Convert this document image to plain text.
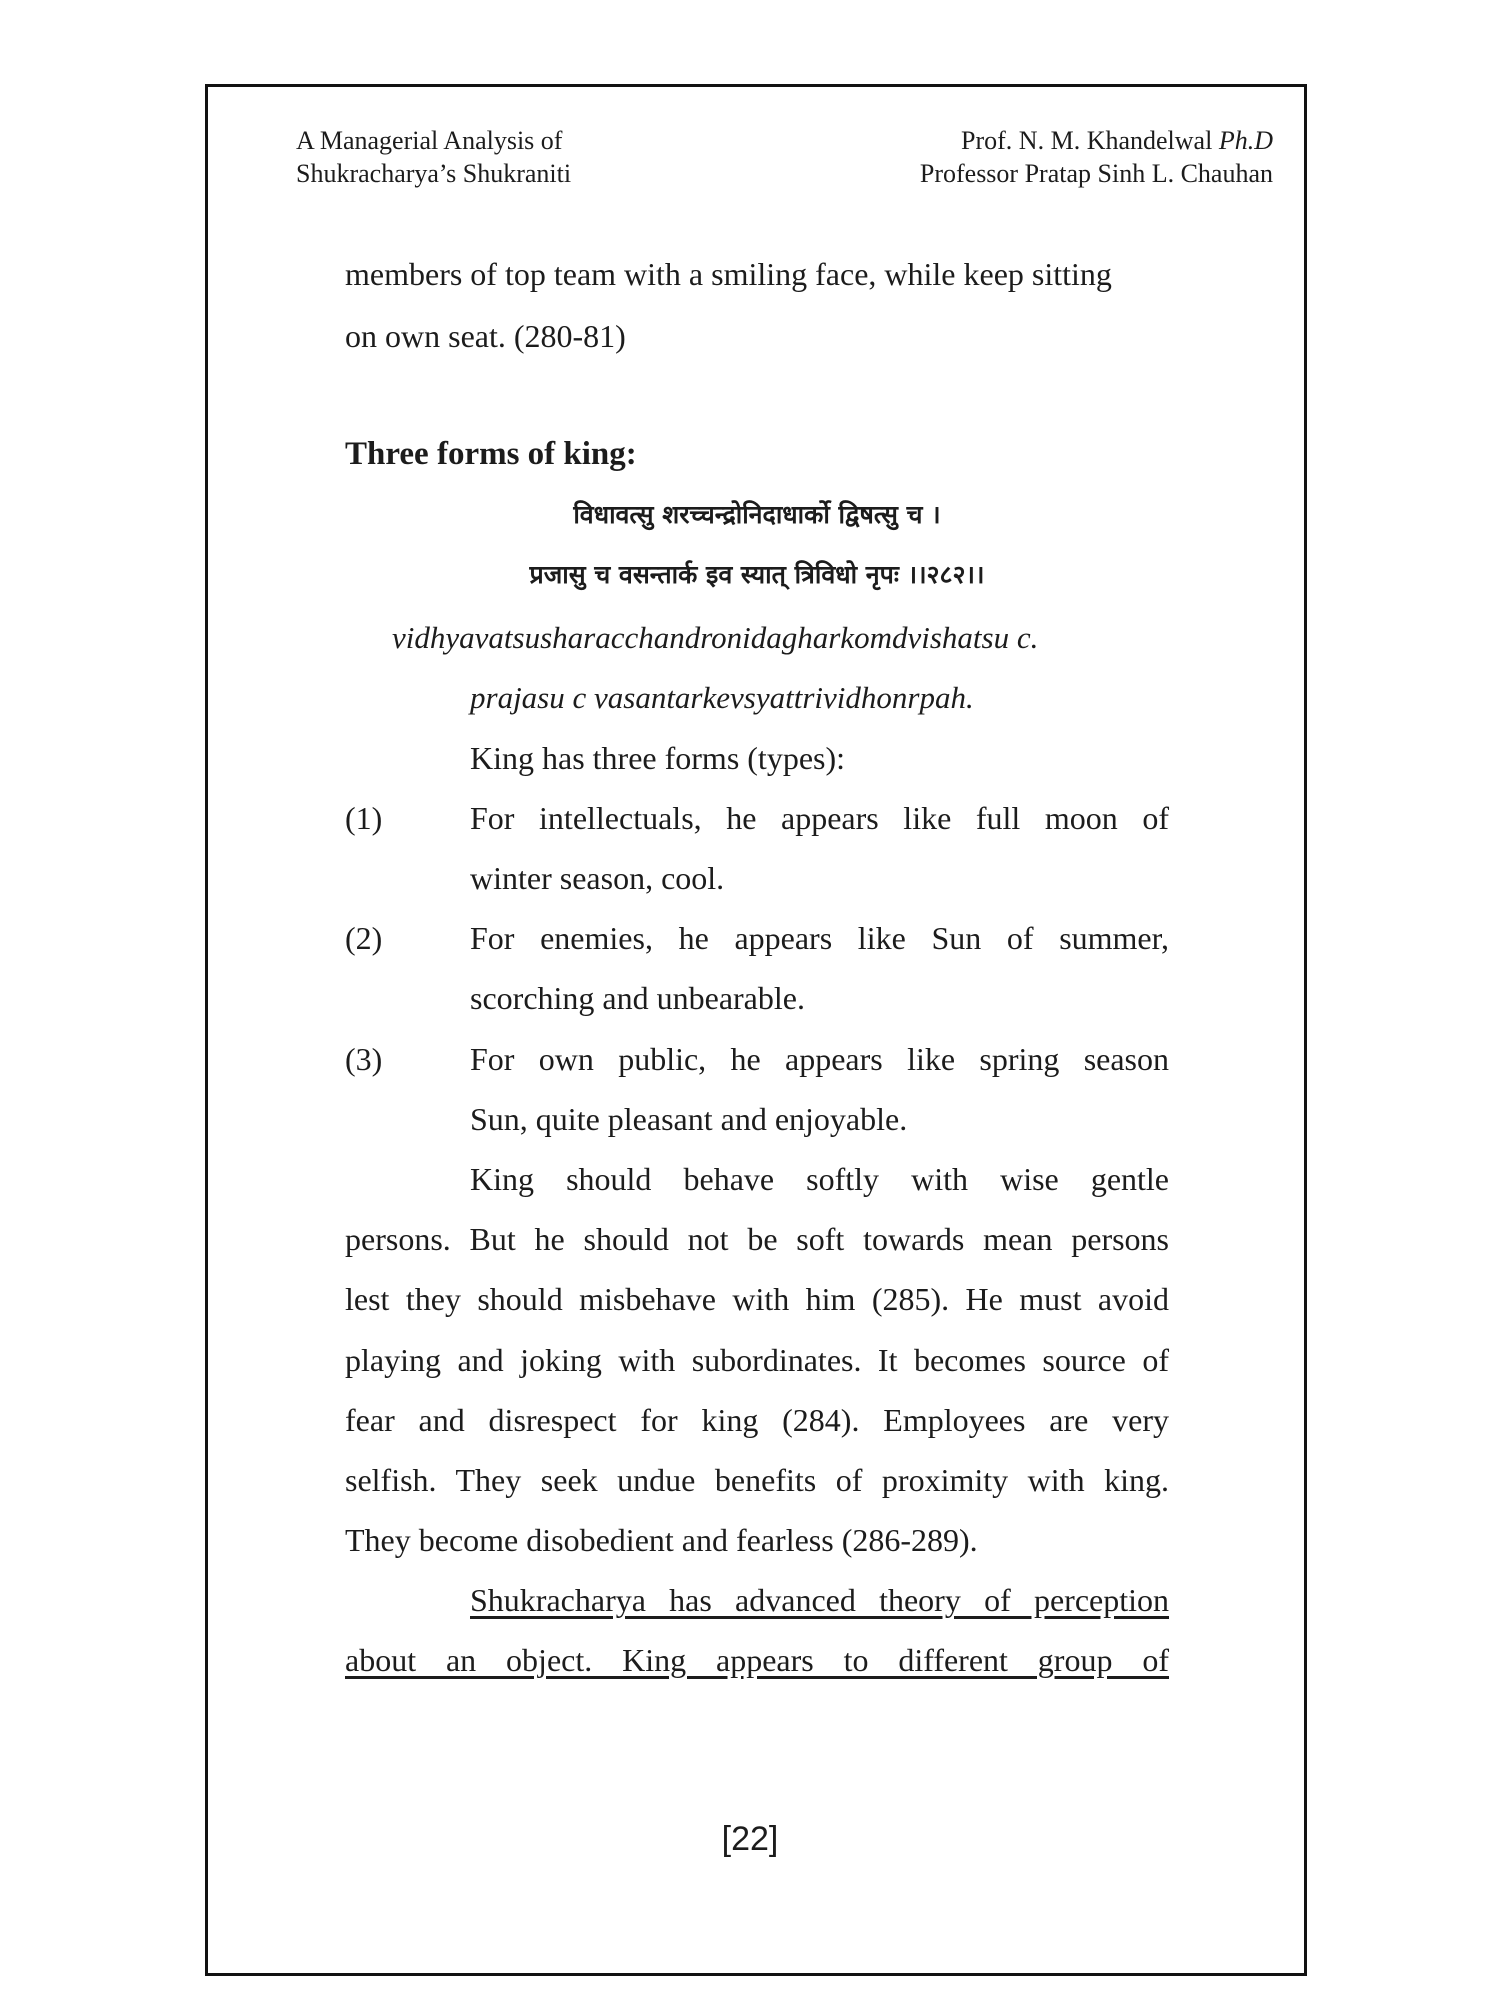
A Managerial Analysis of
Shukracharya’s Shukraniti
Prof. N. M. Khandelwal Ph.D
Professor Pratap Sinh L. Chauhan
members of top team with a smiling face, while keep sitting
on own seat. (280-81)
Three forms of king:
विधावत्सु शरच्चन्द्रोनिदाधार्को द्विषत्सु च ।
प्रजासु च वसन्तार्क इव स्यात् त्रिविधो नृपः ।।२८२।।
vidhyavatsusharacchandronidagharkomdvishatsu c.
prajasu c vasantarkevsyattrividhonrpah.
King has three forms (types):
(1)	For intellectuals, he appears like full moon of
winter season, cool.
(2)	For enemies, he appears like Sun of summer,
scorching and unbearable.
(3)	For own public, he appears like spring season
Sun, quite pleasant and enjoyable.
King should behave softly with wise gentle
persons. But he should not be soft towards mean persons
lest they should misbehave with him (285). He must avoid
playing and joking with subordinates. It becomes source of
fear and disrespect for king (284). Employees are very
selfish. They seek undue benefits of proximity with king.
They become disobedient and fearless (286-289).
Shukracharya has advanced theory of perception
about an object. King appears to different group of
[22]
